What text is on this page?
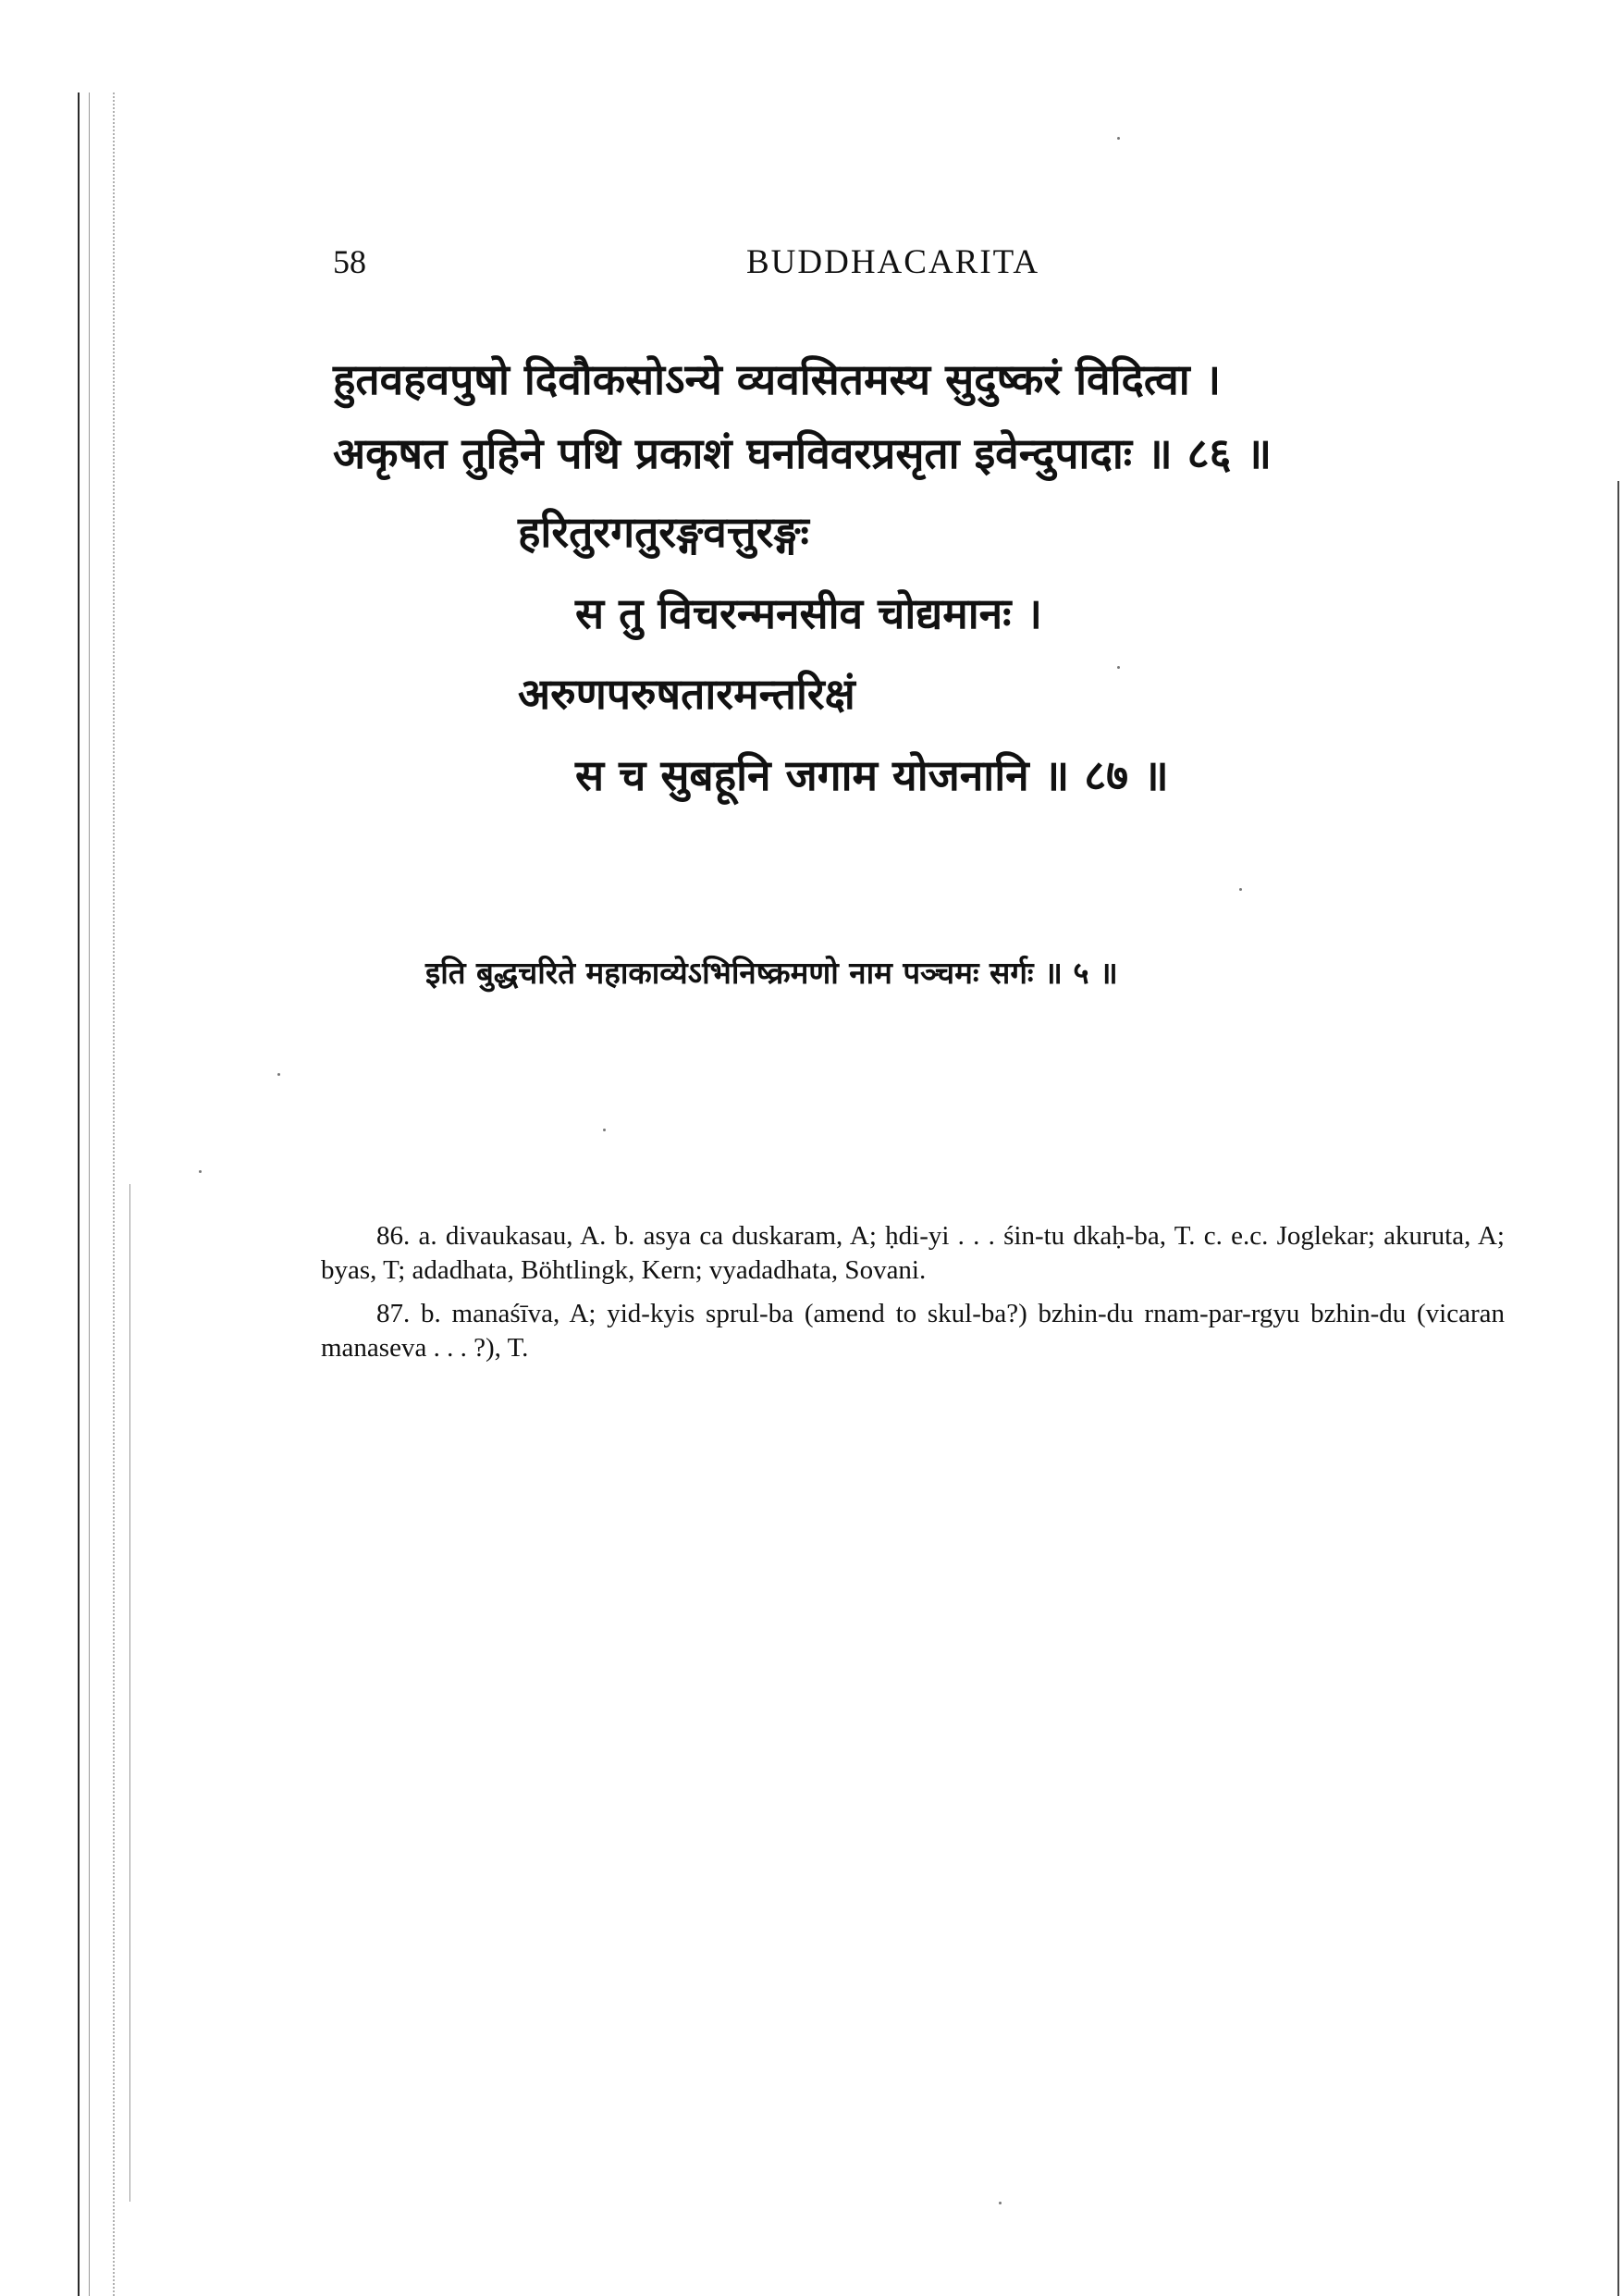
58	BUDDHACARITA
हुतवहवपुषो दिवौकसोऽन्ये व्यवसितमस्य सुदुष्करं विदित्वा ।
अकृषत तुहिने पथि प्रकाशं घनविवरप्रसृता इवेन्दुपादाः ॥ ८६ ॥
हरितुरगतुरङ्गवत्तुरङ्गः
स तु विचरन्मनसीव चोद्यमानः ।
अरुणपरुषतारमन्तरिक्षं
स च सुबहूनि जगाम योजनानि ॥ ८७ ॥
इति बुद्धचरिते महाकाव्येऽभिनिष्क्रमणो नाम पञ्चमः सर्गः ॥ ५ ॥

86. a. divaukasau, A. b. asya ca duskaram, A; ḥdi-yi . . . śin-tu dkaḥ-ba, T. c. e.c. Joglekar; akuruta, A; byas, T; adadhata, Böhtlingk, Kern; vyadadhata, Sovani.

87. b. manaśīva, A; yid-kyis sprul-ba (amend to skul-ba?) bzhin-du rnam-par-rgyu bzhin-du (vicaran manaseva . . . ?), T.
